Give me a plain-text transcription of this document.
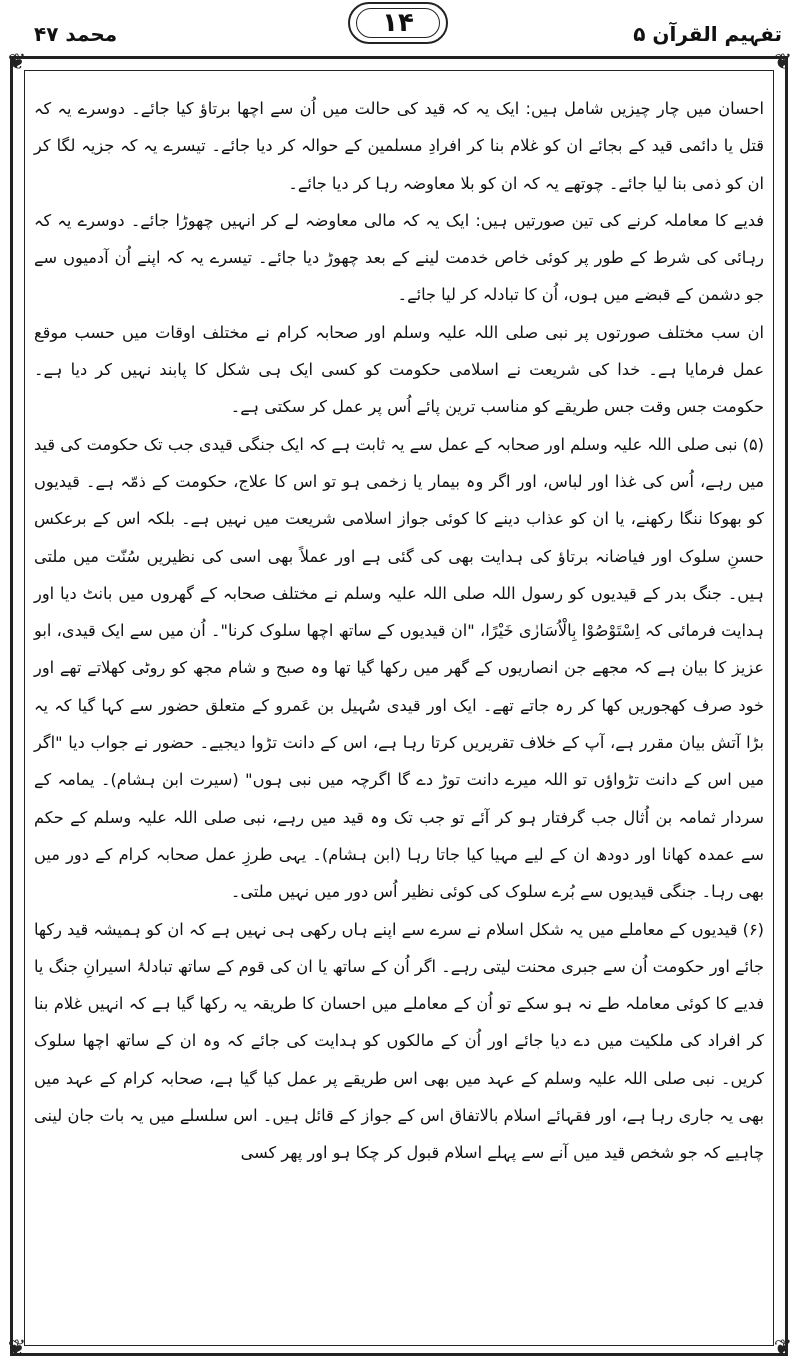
محمد ۴۷	۱۴	تفہیم القرآن ۵
❦	❦
❦	❦

احسان میں چار چیزیں شامل ہیں: ایک یہ کہ قید کی حالت میں اُن سے اچھا برتاؤ کیا جائے۔ دوسرے یہ کہ قتل یا دائمی قید کے بجائے ان کو غلام بنا کر افرادِ مسلمین کے حوالہ کر دیا جائے۔ تیسرے یہ کہ جزیہ لگا کر ان کو ذمی بنا لیا جائے۔ چوتھے یہ کہ ان کو بلا معاوضہ رہا کر دیا جائے۔

فدیے کا معاملہ کرنے کی تین صورتیں ہیں: ایک یہ کہ مالی معاوضہ لے کر انہیں چھوڑا جائے۔ دوسرے یہ کہ رہائی کی شرط کے طور پر کوئی خاص خدمت لینے کے بعد چھوڑ دیا جائے۔ تیسرے یہ کہ اپنے اُن آدمیوں سے جو دشمن کے قبضے میں ہوں، اُن کا تبادلہ کر لیا جائے۔

ان سب مختلف صورتوں پر نبی صلی اللہ علیہ وسلم اور صحابہ کرام نے مختلف اوقات میں حسب موقع عمل فرمایا ہے۔ خدا کی شریعت نے اسلامی حکومت کو کسی ایک ہی شکل کا پابند نہیں کر دیا ہے۔ حکومت جس وقت جس طریقے کو مناسب ترین پائے اُس پر عمل کر سکتی ہے۔

(۵) نبی صلی اللہ علیہ وسلم اور صحابہ کے عمل سے یہ ثابت ہے کہ ایک جنگی قیدی جب تک حکومت کی قید میں رہے، اُس کی غذا اور لباس، اور اگر وہ بیمار یا زخمی ہو تو اس کا علاج، حکومت کے ذمّہ ہے۔ قیدیوں کو بھوکا ننگا رکھنے، یا ان کو عذاب دینے کا کوئی جواز اسلامی شریعت میں نہیں ہے۔ بلکہ اس کے برعکس حسنِ سلوک اور فیاضانہ برتاؤ کی ہدایت بھی کی گئی ہے اور عملاً بھی اسی کی نظیریں سُنّت میں ملتی ہیں۔ جنگ بدر کے قیدیوں کو رسول اللہ صلی اللہ علیہ وسلم نے مختلف صحابہ کے گھروں میں بانٹ دیا اور ہدایت فرمائی کہ اِسْتَوْصُوْا بِالْاُسَارٰی خَیْرًا، "ان قیدیوں کے ساتھ اچھا سلوک کرنا"۔ اُن میں سے ایک قیدی، ابو عزیز کا بیان ہے کہ مجھے جن انصاریوں کے گھر میں رکھا گیا تھا وہ صبح و شام مجھ کو روٹی کھلاتے تھے اور خود صرف کھجوریں کھا کر رہ جاتے تھے۔ ایک اور قیدی سُہیل بن عَمرو کے متعلق حضور سے کہا گیا کہ یہ بڑا آتش بیان مقرر ہے، آپ کے خلاف تقریریں کرتا رہا ہے، اس کے دانت تڑوا دیجیے۔ حضور نے جواب دیا "اگر میں اس کے دانت تڑواؤں تو اللہ میرے دانت توڑ دے گا اگرچہ میں نبی ہوں" (سیرت ابن ہشام)۔ یمامہ کے سردار ثمامہ بن اُثال جب گرفتار ہو کر آئے تو جب تک وہ قید میں رہے، نبی صلی اللہ علیہ وسلم کے حکم سے عمدہ کھانا اور دودھ ان کے لیے مہیا کیا جاتا رہا (ابن ہشام)۔ یہی طرزِ عمل صحابہ کرام کے دور میں بھی رہا۔ جنگی قیدیوں سے بُرے سلوک کی کوئی نظیر اُس دور میں نہیں ملتی۔

(۶) قیدیوں کے معاملے میں یہ شکل اسلام نے سرے سے اپنے ہاں رکھی ہی نہیں ہے کہ ان کو ہمیشہ قید رکھا جائے اور حکومت اُن سے جبری محنت لیتی رہے۔ اگر اُن کے ساتھ یا ان کی قوم کے ساتھ تبادلۂ اسیرانِ جنگ یا فدیے کا کوئی معاملہ طے نہ ہو سکے تو اُن کے معاملے میں احسان کا طریقہ یہ رکھا گیا ہے کہ انہیں غلام بنا کر افراد کی ملکیت میں دے دیا جائے اور اُن کے مالکوں کو ہدایت کی جائے کہ وہ ان کے ساتھ اچھا سلوک کریں۔ نبی صلی اللہ علیہ وسلم کے عہد میں بھی اس طریقے پر عمل کیا گیا ہے، صحابہ کرام کے عہد میں بھی یہ جاری رہا ہے، اور فقہائے اسلام بالاتفاق اس کے جواز کے قائل ہیں۔ اس سلسلے میں یہ بات جان لینی چاہیے کہ جو شخص قید میں آنے سے پہلے اسلام قبول کر چکا ہو اور پھر کسی
